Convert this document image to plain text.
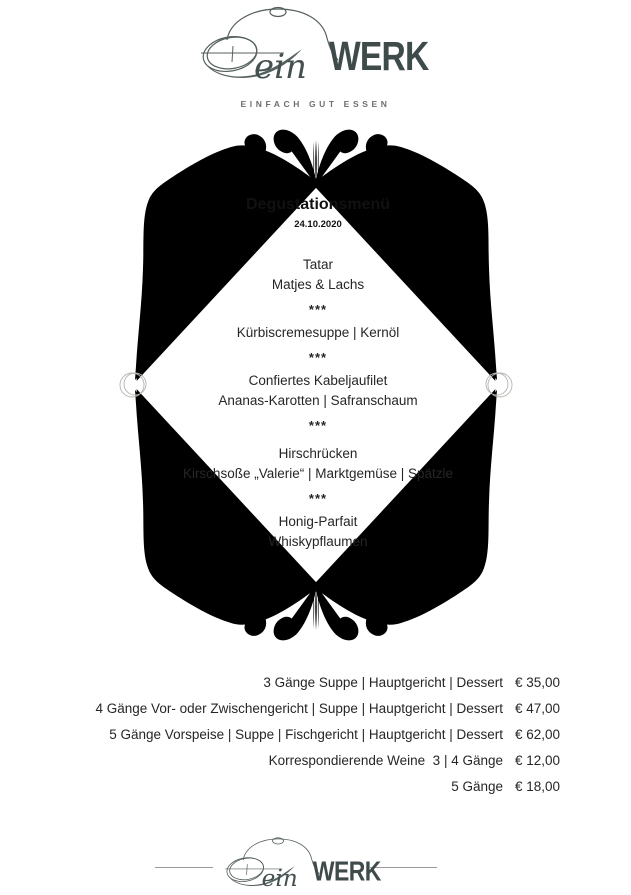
EINFACH GUT ESSEN
Degustationsmenü
24.10.2020
Tatar
Matjes & Lachs
***
Kürbiscremesuppe | Kernöl
***
Confiertes Kabeljaufilet
Ananas-Karotten | Safranschaum
***
Hirschrücken
Kirschsoße „Valerie“ | Marktgemüse | Spätzle
***
Honig-Parfait
Whiskypflaumen
3 Gänge Suppe | Hauptgericht | Dessert € 35,00
4 Gänge Vor- oder Zwischengericht | Suppe | Hauptgericht | Dessert € 47,00
5 Gänge Vorspeise | Suppe | Fischgericht | Hauptgericht | Dessert € 62,00
Korrespondierende Weine  3 | 4 Gänge € 12,00
5 Gänge € 18,00
